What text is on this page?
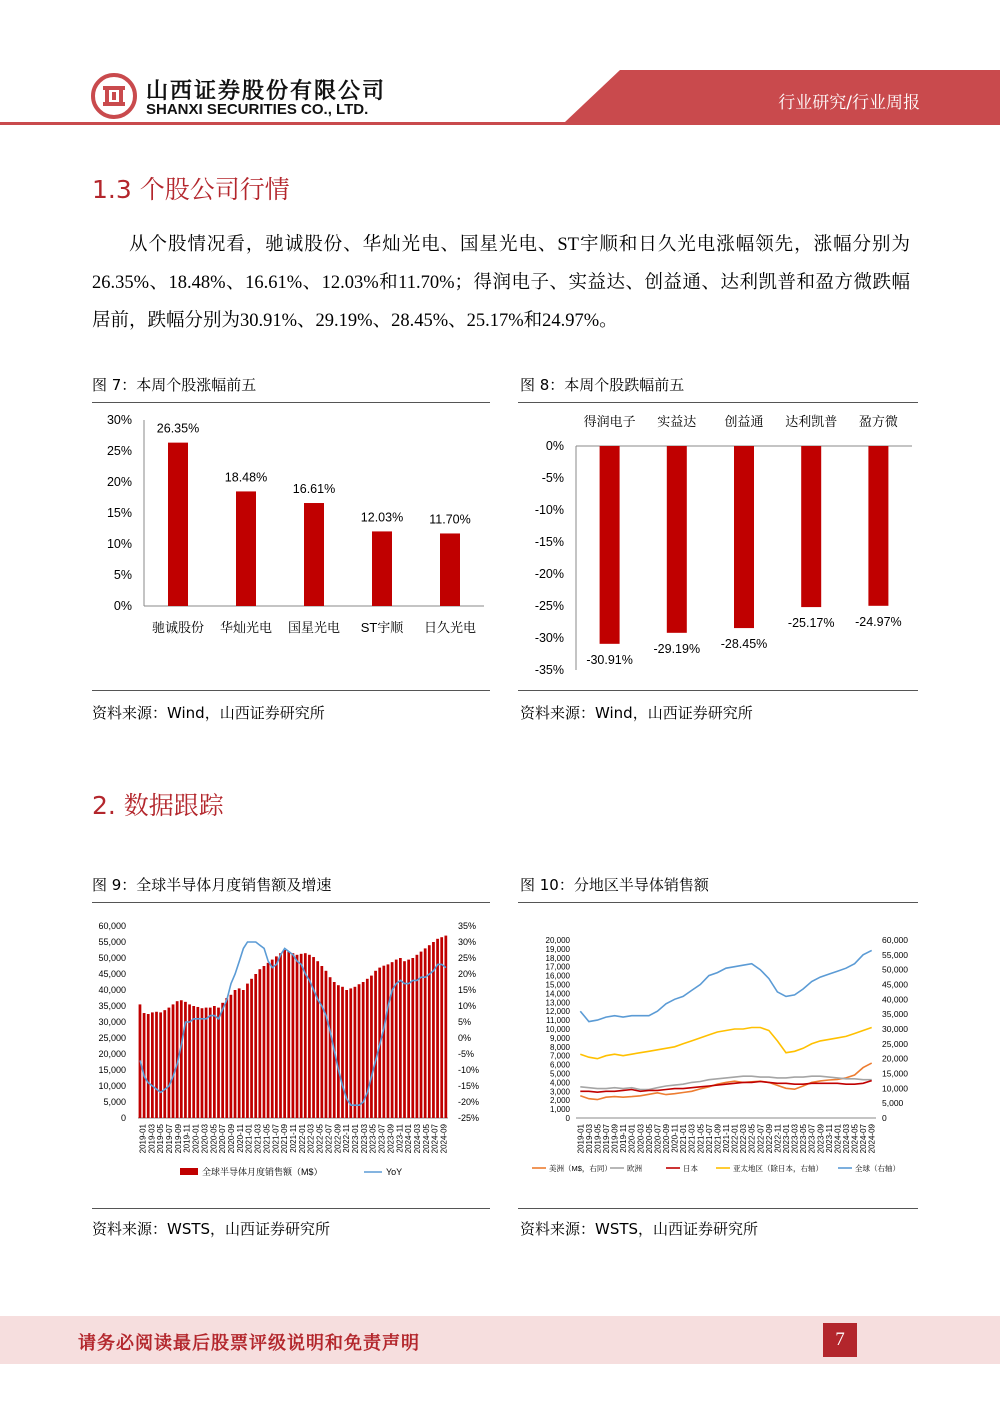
山西证券股份有限公司
SHANXI SECURITIES CO., LTD.	行业研究/行业周报
1.3 个股公司行情
从个股情况看，驰诚股份、华灿光电、国星光电、ST宇顺和日久光电涨幅领先，涨幅分别为26.35%、18.48%、16.61%、12.03%和11.70%；得润电子、实益达、创益通、达利凯普和盈方微跌幅居前，跌幅分别为30.91%、29.19%、28.45%、25.17%和24.97%。
图 7：本周个股涨幅前五
0%
5%
10%
15%
20%
25%
30%
26.35%
驰诚股份
18.48%
华灿光电
16.61%
国星光电
12.03%
ST宇顺
11.70%
日久光电
资料来源：Wind，山西证券研究所
图 8：本周个股跌幅前五
0%
-5%
-10%
-15%
-20%
-25%
-30%
-35%
-30.91%
得润电子
-29.19%
实益达
-28.45%
创益通
-25.17%
达利凯普
-24.97%
盈方微
资料来源：Wind，山西证券研究所
2. 数据跟踪
图 9：全球半导体月度销售额及增速
0
5,000
10,000
15,000
20,000
25,000
30,000
35,000
40,000
45,000
50,000
55,000
60,000
-25%
-20%
-15%
-10%
-5%
0%
5%
10%
15%
20%
25%
30%
35%
2019-01 2019-03 2019-05 2019-07 2019-09 2019-11 2020-01 2020-03 2020-05 2020-07 2020-09 2020-11 2021-01 2021-03 2021-05 2021-07 2021-09 2021-11 2022-01 2022-03 2022-05 2022-07 2022-09 2022-11 2023-01 2023-03 2023-05 2023-07 2023-09 2023-11 2024-01 2024-03 2024-05 2024-07 2024-09
全球半导体月度销售额（M$）	YoY
资料来源：WSTS，山西证券研究所
图 10：分地区半导体销售额
0
1,000
2,000
3,000
4,000
5,000
6,000
7,000
8,000
9,000
10,000
11,000
12,000
13,000
14,000
15,000
16,000
17,000
18,000
19,000
20,000
0
5,000
10,000
15,000
20,000
25,000
30,000
35,000
40,000
45,000
50,000
55,000
60,000
2019-01 2019-03 2019-05 2019-07 2019-09 2019-11 2020-01 2020-03 2020-05 2020-07 2020-09 2020-11 2021-01 2021-03 2021-05 2021-07 2021-09 2021-11 2022-01 2022-03 2022-05 2022-07 2022-09 2022-11 2023-01 2023-03 2023-05 2023-07 2023-09 2023-11 2024-01 2024-03 2024-05 2024-07 2024-09
美洲（M$，右同） 欧洲	日本	亚太地区（除日本，右轴）	全球（右轴）
资料来源：WSTS，山西证券研究所
请务必阅读最后股票评级说明和免责声明	7
